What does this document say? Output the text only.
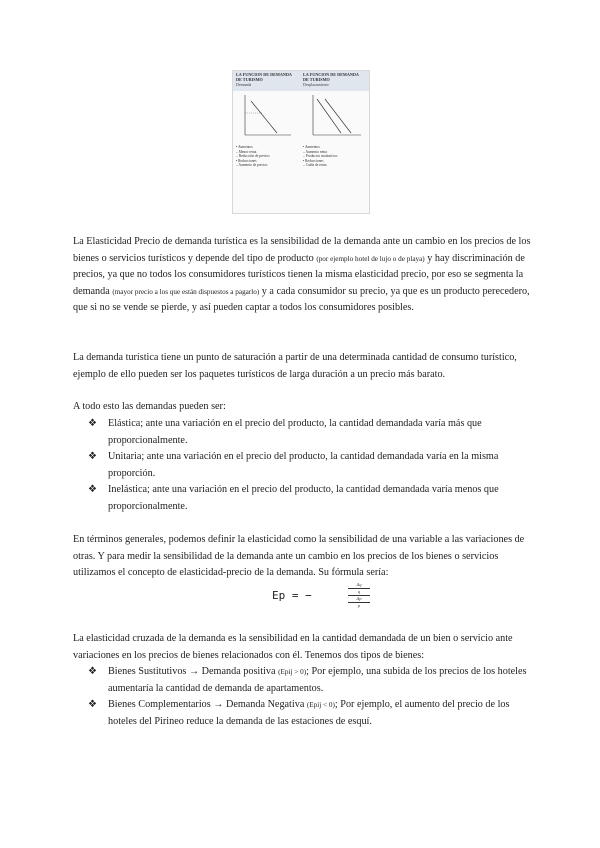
LA FUNCIÓN DE DEMANDA DE TURISMO
LA FUNCIÓN DE DEMANDA DE TURISMO
Demanda	Desplazamiento
• Aumentos
– Menor renta
– Reducción de precios
• Reducciones
– Aumento de precios
• Aumentos
– Aumento renta
– Productos sustitutivos
• Reducciones
– Caída de renta

La Elasticidad Precio de demanda turística es la sensibilidad de la demanda ante un cambio en los precios de los bienes o servicios turísticos y depende del tipo de producto (por ejemplo hotel de lujo o de playa) y hay discriminación de precios, ya que no todos los consumidores turísticos tienen la misma elasticidad precio, por eso se segmenta la demanda (mayor precio a los que están dispuestos a pagarlo) y a cada consumidor su precio, ya que es un producto perecedero, que si no se vende se pierde, y así pueden captar a todos los consumidores posibles.

La demanda turística tiene un punto de saturación a partir de una determinada cantidad de consumo turístico, ejemplo de ello pueden ser los paquetes turísticos de larga duración a un precio más barato.

A todo esto las demandas pueden ser:

❖ Elástica; ante una variación en el precio del producto, la cantidad demandada varía más que proporcionalmente.
❖ Unitaria; ante una variación en el precio del producto, la cantidad demandada varía en la misma proporción.
❖ Inelástica; ante una variación en el precio del producto, la cantidad demandada varía menos que proporcionalmente.

En términos generales, podemos definir la elasticidad como la sensibilidad de una variable a las variaciones de otras. Y para medir la sensibilidad de la demanda ante un cambio en los precios de los bienes o servicios utilizamos el concepto de elasticidad-precio de la demanda. Su fórmula sería:

Ep = −
Δq
q
Δp
p

La elasticidad cruzada de la demanda es la sensibilidad en la cantidad demandada de un bien o servicio ante variaciones en los precios de bienes relacionados con él. Tenemos dos tipos de bienes:

❖ Bienes Sustitutivos → Demanda positiva (Epij > 0); Por ejemplo, una subida de los precios de los hoteles aumentaría la cantidad de demanda de apartamentos.
❖ Bienes Complementarios → Demanda Negativa (Epij < 0); Por ejemplo, el aumento del precio de los hoteles del Pirineo reduce la demanda de las estaciones de esquí.
